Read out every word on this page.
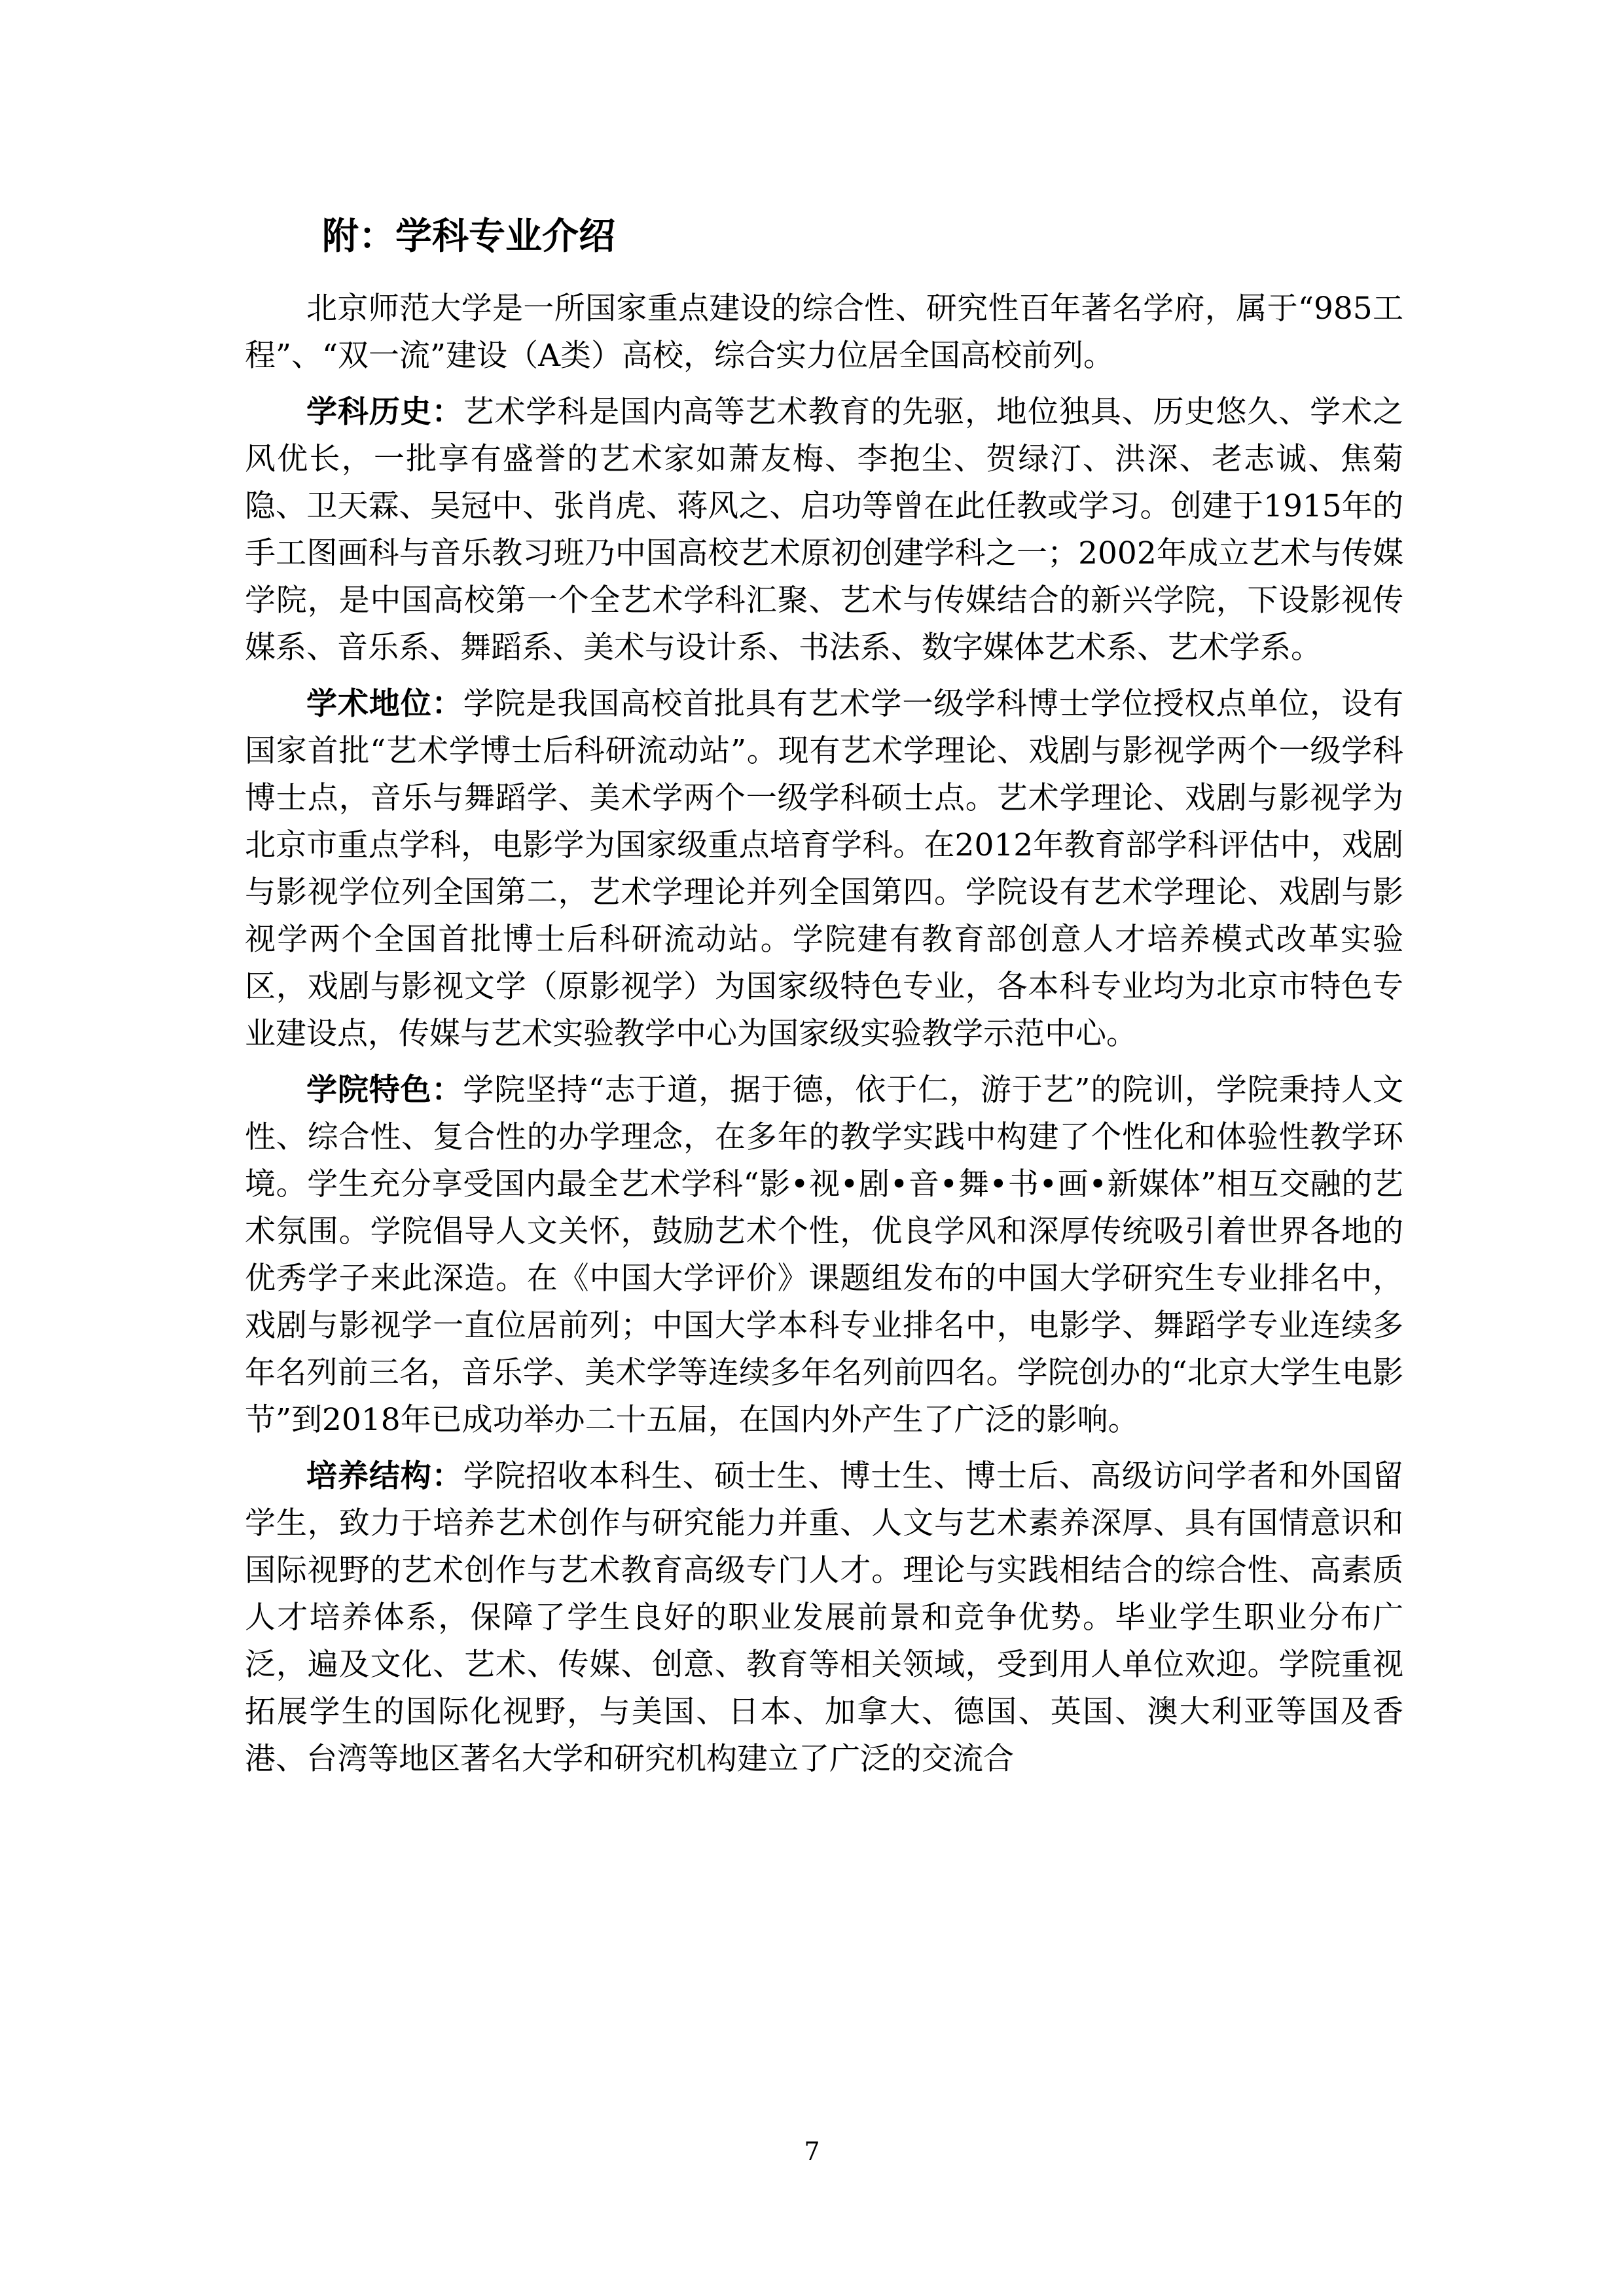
附：学科专业介绍

北京师范大学是一所国家重点建设的综合性、研究性百年著名学府，属于“985工程”、“双一流”建设（A类）高校，综合实力位居全国高校前列。

学科历史：艺术学科是国内高等艺术教育的先驱，地位独具、历史悠久、学术之风优长，一批享有盛誉的艺术家如萧友梅、李抱尘、贺绿汀、洪深、老志诚、焦菊隐、卫天霖、吴冠中、张肖虎、蒋风之、启功等曾在此任教或学习。创建于1915年的手工图画科与音乐教习班乃中国高校艺术原初创建学科之一；2002年成立艺术与传媒学院，是中国高校第一个全艺术学科汇聚、艺术与传媒结合的新兴学院，下设影视传媒系、音乐系、舞蹈系、美术与设计系、书法系、数字媒体艺术系、艺术学系。

学术地位：学院是我国高校首批具有艺术学一级学科博士学位授权点单位，设有国家首批“艺术学博士后科研流动站”。现有艺术学理论、戏剧与影视学两个一级学科博士点，音乐与舞蹈学、美术学两个一级学科硕士点。艺术学理论、戏剧与影视学为北京市重点学科，电影学为国家级重点培育学科。在2012年教育部学科评估中，戏剧与影视学位列全国第二，艺术学理论并列全国第四。学院设有艺术学理论、戏剧与影视学两个全国首批博士后科研流动站。学院建有教育部创意人才培养模式改革实验区，戏剧与影视文学（原影视学）为国家级特色专业，各本科专业均为北京市特色专业建设点，传媒与艺术实验教学中心为国家级实验教学示范中心。

学院特色：学院坚持“志于道，据于德，依于仁，游于艺”的院训，学院秉持人文性、综合性、复合性的办学理念，在多年的教学实践中构建了个性化和体验性教学环境。学生充分享受国内最全艺术学科“影•视•剧•音•舞•书•画•新媒体”相互交融的艺术氛围。学院倡导人文关怀，鼓励艺术个性，优良学风和深厚传统吸引着世界各地的优秀学子来此深造。在《中国大学评价》课题组发布的中国大学研究生专业排名中，戏剧与影视学一直位居前列；中国大学本科专业排名中，电影学、舞蹈学专业连续多年名列前三名，音乐学、美术学等连续多年名列前四名。学院创办的“北京大学生电影节”到2018年已成功举办二十五届，在国内外产生了广泛的影响。

培养结构：学院招收本科生、硕士生、博士生、博士后、高级访问学者和外国留学生，致力于培养艺术创作与研究能力并重、人文与艺术素养深厚、具有国情意识和国际视野的艺术创作与艺术教育高级专门人才。理论与实践相结合的综合性、高素质人才培养体系，保障了学生良好的职业发展前景和竞争优势。毕业学生职业分布广泛，遍及文化、艺术、传媒、创意、教育等相关领域，受到用人单位欢迎。学院重视拓展学生的国际化视野，与美国、日本、加拿大、德国、英国、澳大利亚等国及香港、台湾等地区著名大学和研究机构建立了广泛的交流合

7
